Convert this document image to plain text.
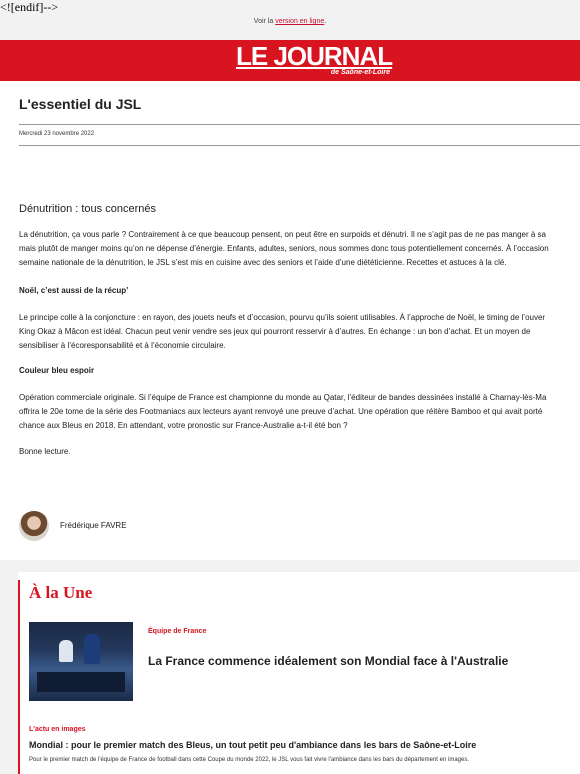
<![endif]-->
Voir la version en ligne.
LE JOURNAL
de Saône-et-Loire
L'essentiel du JSL
Mercredi 23 novembre 2022
Dénutrition : tous concernés
La dénutrition, ça vous parle ? Contrairement à ce que beaucoup pensent, on peut être en surpoids et dénutri. Il ne s’agit pas de ne pas manger à sa
mais plutôt de manger moins qu’on ne dépense d’énergie. Enfants, adultes, seniors, nous sommes donc tous potentiellement concernés. À l’occasion
semaine nationale de la dénutrition, le JSL s’est mis en cuisine avec des seniors et l’aide d’une diététicienne. Recettes et astuces à la clé.
Noël, c’est aussi de la récup’
Le principe colle à la conjoncture : en rayon, des jouets neufs et d’occasion, pourvu qu’ils soient utilisables. À l’approche de Noël, le timing de l’ouver
King Okaz à Mâcon est idéal. Chacun peut venir vendre ses jeux qui pourront resservir à d’autres. En échange : un bon d’achat. Et un moyen de
sensibiliser à l’écoresponsabilité et à l’économie circulaire.
Couleur bleu espoir
Opération commerciale originale. Si l’équipe de France est championne du monde au Qatar, l’éditeur de bandes dessinées installé à Charnay-lès-Ma
offrira le 20e tome de la série des Footmaniacs aux lecteurs ayant renvoyé une preuve d’achat. Une opération que réitère Bamboo et qui avait porté
chance aux Bleus en 2018. En attendant, votre pronostic sur France-Australie a-t-il été bon ?
Bonne lecture.
Frédérique FAVRE
À la Une
Équipe de France
La France commence idéalement son Mondial face à l'Australie
L'actu en images
Mondial : pour le premier match des Bleus, un tout petit peu d'ambiance dans les bars de Saône-et-Loire
Pour le premier match de l'équipe de France de football dans cette Coupe du monde 2022, le JSL vous fait vivre l'ambiance dans les bars du département en images.
